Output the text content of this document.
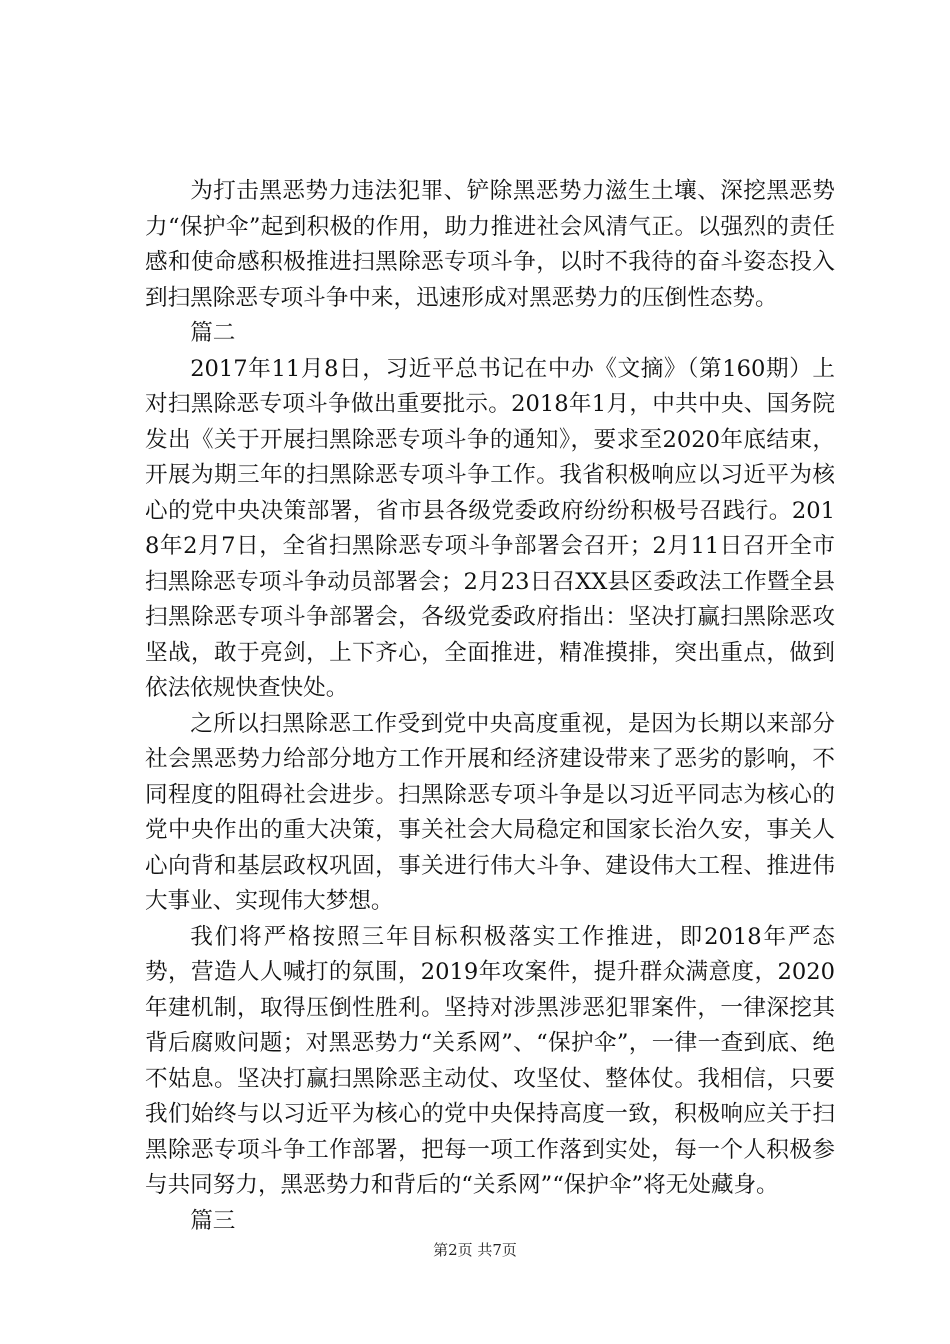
为打击黑恶势力违法犯罪、铲除黑恶势力滋生土壤、深挖黑恶势力“保护伞”起到积极的作用，助力推进社会风清气正。以强烈的责任感和使命感积极推进扫黑除恶专项斗争，以时不我待的奋斗姿态投入到扫黑除恶专项斗争中来，迅速形成对黑恶势力的压倒性态势。

篇二

2017年11月8日，习近平总书记在中办《文摘》（第160期）上对扫黑除恶专项斗争做出重要批示。2018年1月，中共中央、国务院发出《关于开展扫黑除恶专项斗争的通知》，要求至2020年底结束，开展为期三年的扫黑除恶专项斗争工作。我省积极响应以习近平为核心的党中央决策部署，省市县各级党委政府纷纷积极号召践行。2018年2月7日，全省扫黑除恶专项斗争部署会召开；2月11日召开全市扫黑除恶专项斗争动员部署会；2月23日召XX县区委政法工作暨全县扫黑除恶专项斗争部署会，各级党委政府指出：坚决打赢扫黑除恶攻坚战，敢于亮剑，上下齐心，全面推进，精准摸排，突出重点，做到依法依规快查快处。

之所以扫黑除恶工作受到党中央高度重视，是因为长期以来部分社会黑恶势力给部分地方工作开展和经济建设带来了恶劣的影响，不同程度的阻碍社会进步。扫黑除恶专项斗争是以习近平同志为核心的党中央作出的重大决策，事关社会大局稳定和国家长治久安，事关人心向背和基层政权巩固，事关进行伟大斗争、建设伟大工程、推进伟大事业、实现伟大梦想。

我们将严格按照三年目标积极落实工作推进，即2018年严态势，营造人人喊打的氛围，2019年攻案件，提升群众满意度，2020年建机制，取得压倒性胜利。坚持对涉黑涉恶犯罪案件，一律深挖其背后腐败问题；对黑恶势力“关系网”、“保护伞”，一律一查到底、绝不姑息。坚决打赢扫黑除恶主动仗、攻坚仗、整体仗。我相信，只要我们始终与以习近平为核心的党中央保持高度一致，积极响应关于扫黑除恶专项斗争工作部署，把每一项工作落到实处，每一个人积极参与共同努力，黑恶势力和背后的“关系网”“保护伞”将无处藏身。

篇三

第2页 共7页
